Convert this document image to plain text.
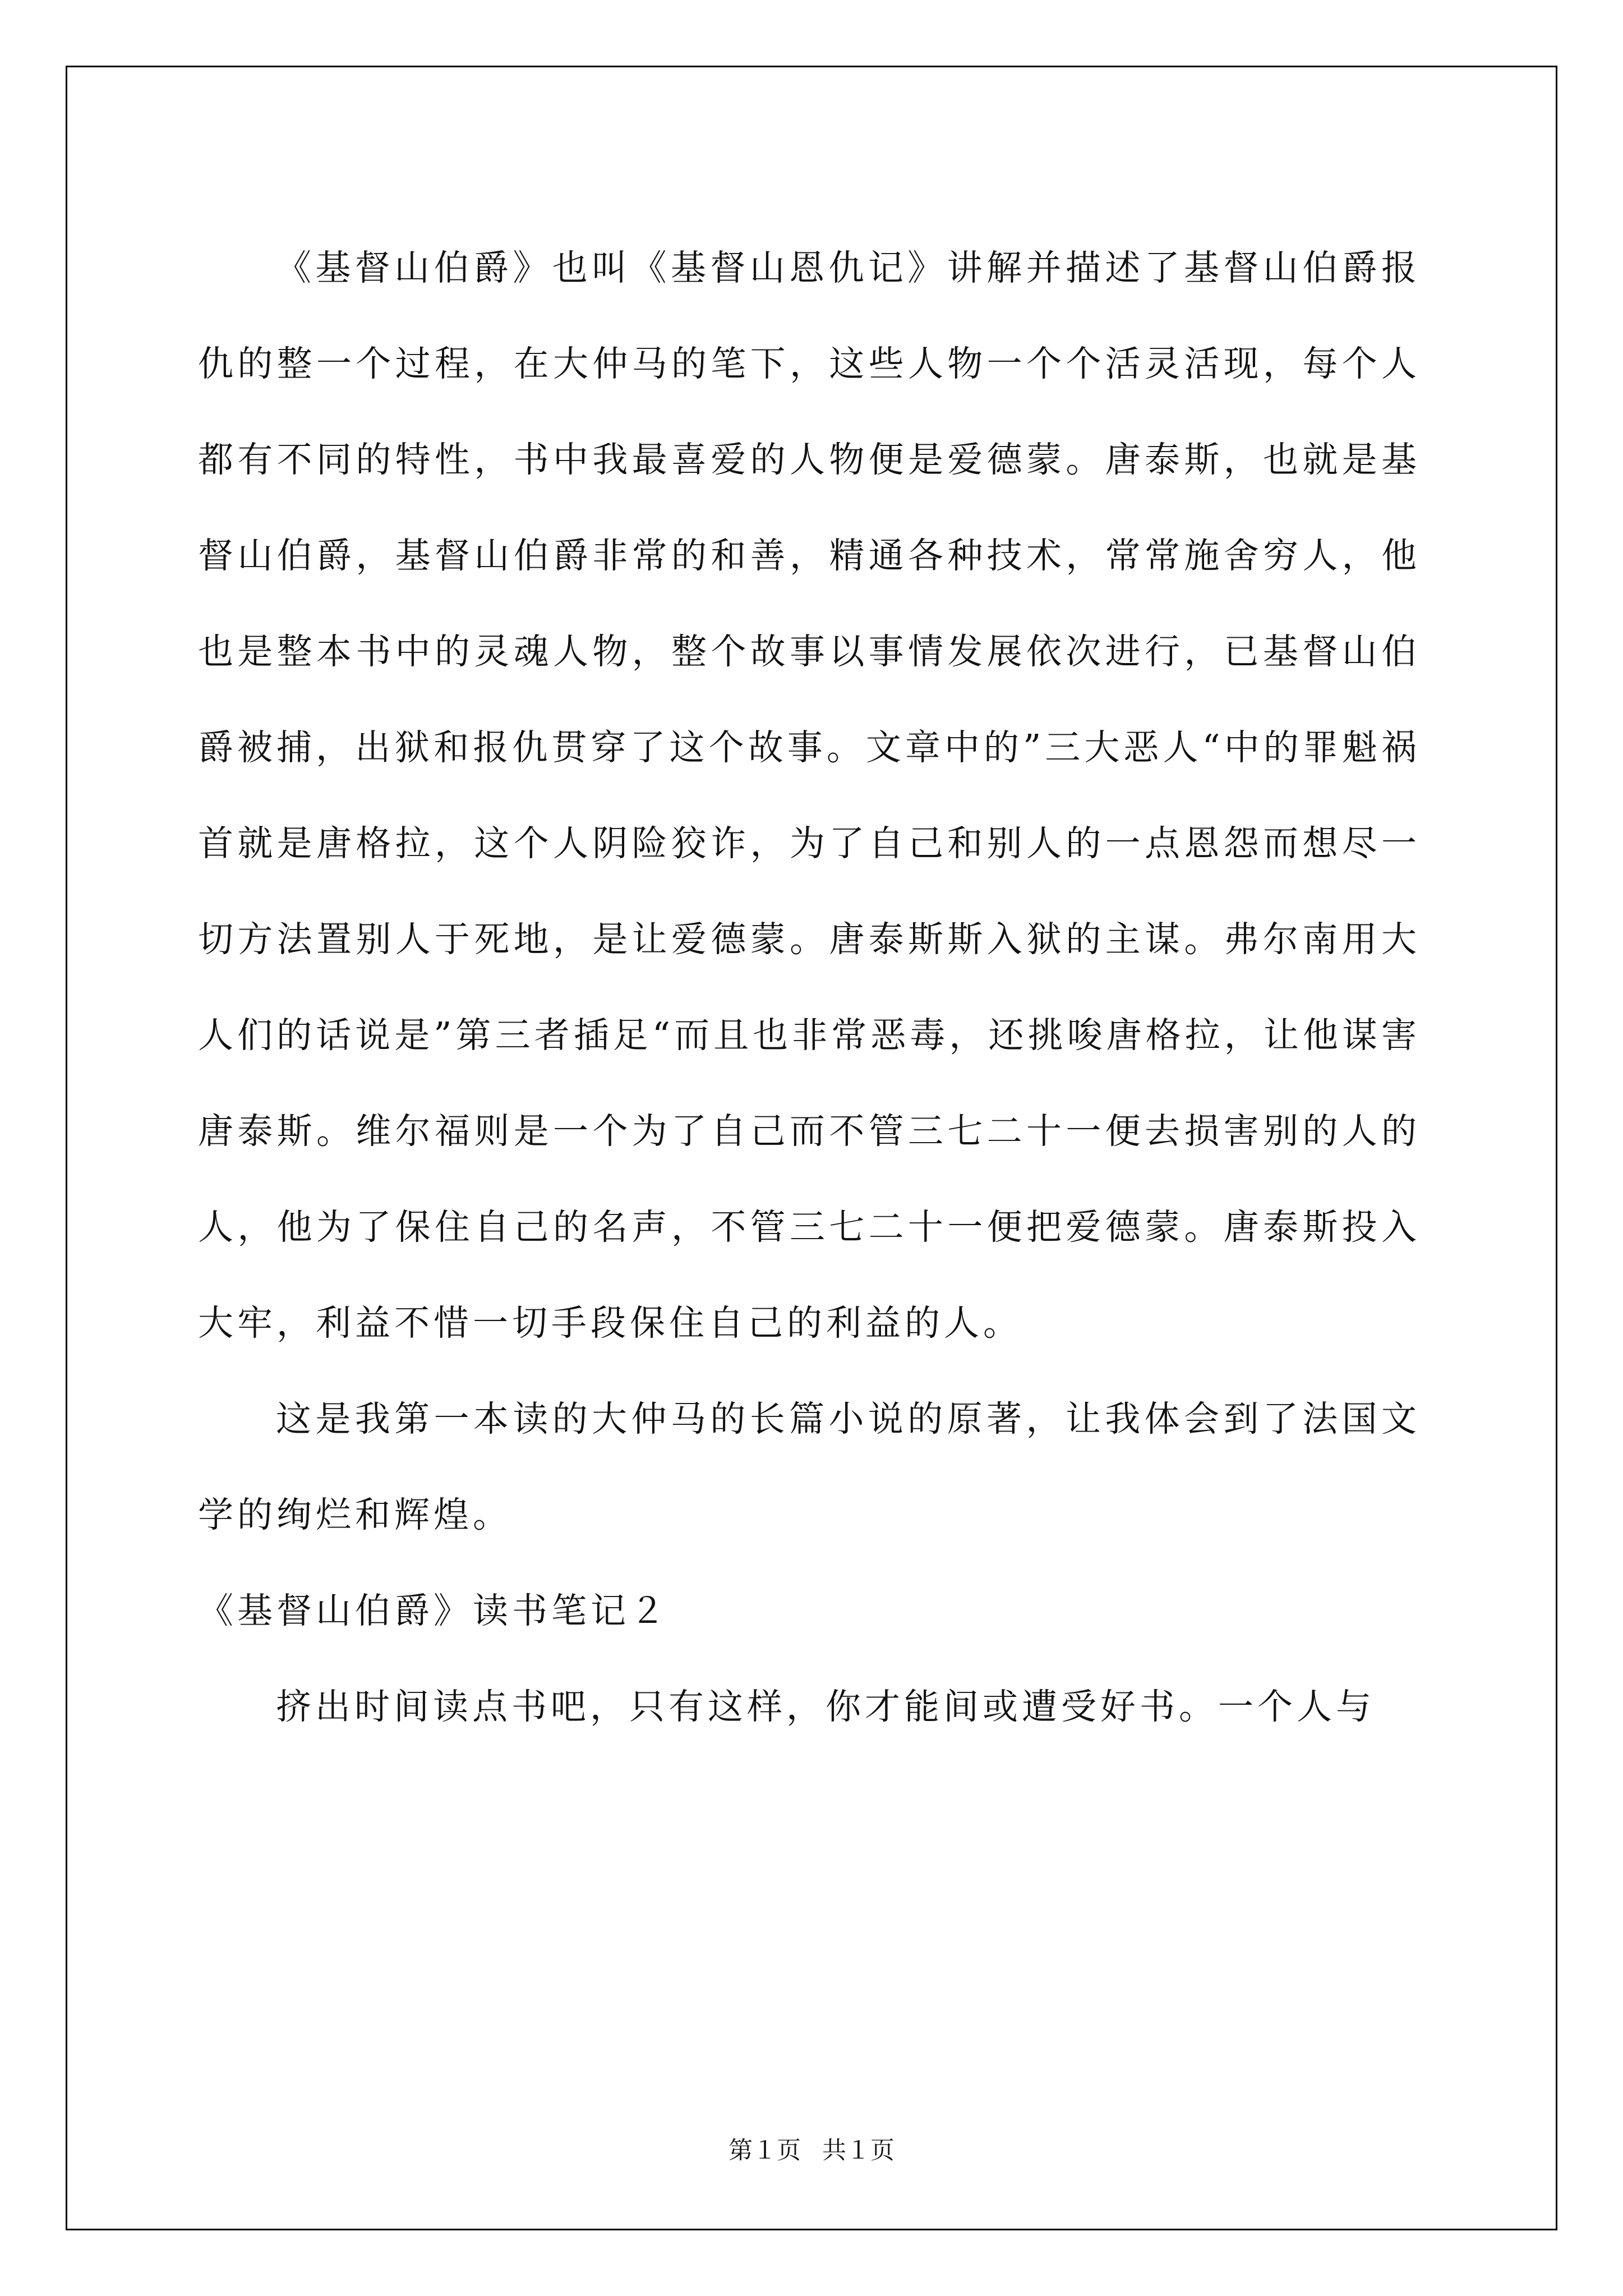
《基督山伯爵》也叫《基督山恩仇记》讲解并描述了基督山伯爵报仇的整一个过程，在大仲马的笔下，这些人物一个个活灵活现，每个人都有不同的特性，书中我最喜爱的人物便是爱德蒙。唐泰斯，也就是基督山伯爵，基督山伯爵非常的和善，精通各种技术，常常施舍穷人，他也是整本书中的灵魂人物，整个故事以事情发展依次进行，已基督山伯爵被捕，出狱和报仇贯穿了这个故事。文章中的”三大恶人“中的罪魁祸首就是唐格拉，这个人阴险狡诈，为了自己和别人的一点恩怨而想尽一切方法置别人于死地，是让爱德蒙。唐泰斯斯入狱的主谋。弗尔南用大人们的话说是”第三者插足“而且也非常恶毒，还挑唆唐格拉，让他谋害唐泰斯。维尔福则是一个为了自己而不管三七二十一便去损害别的人的人，他为了保住自己的名声，不管三七二十一便把爱德蒙。唐泰斯投入大牢，利益不惜一切手段保住自己的利益的人。

这是我第一本读的大仲马的长篇小说的原著，让我体会到了法国文学的绚烂和辉煌。

《基督山伯爵》读书笔记２

挤出时间读点书吧，只有这样，你才能间或遭受好书。一个人与

第１页 共１页
